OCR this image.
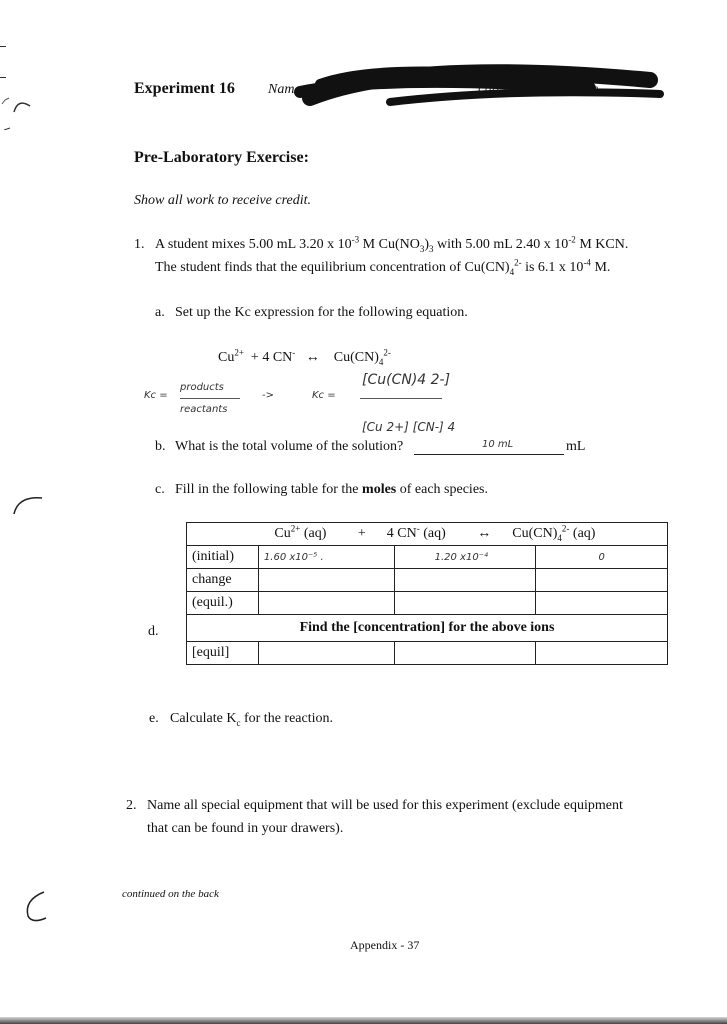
Experiment 16 Name	Lab Day	Room
Pre-Laboratory Exercise:
Show all work to receive credit.
1. A student mixes 5.00 mL 3.20 x $10^{-3}$ M $Cu(NO_3)_3$ with 5.00 mL 2.40 x $10^{-2}$ M KCN.
The student finds that the equilibrium concentration of $Cu(CN)_4^{2-}$ is 6.1 x $10^{-4}$ M.
a. Set up the Kc expression for the following equation.
$Cu^{2+} + 4$ CN- ↔ $Cu(CN)_4^{2-}$
Kc =
products
reactants
->	Kc =
[Cu(CN)4 2-]
[Cu 2+] [CN-] 4
b. What is the total volume of the solution?	10 mL	mL
c. Fill in the following table for the moles of each species.
	$Cu^{2+}$ (aq) + 4 CN- (aq) ↔ $Cu(CN)_4^{2-}$ (aq)		
(initial)	1.60 x10⁻⁵ .	1.20 x10⁻⁴	0
change			
(equil.)			
Find the [concentration] for the above ions			
[equil]			
d.
e. Calculate $K_c$ for the reaction.
2. Name all special equipment that will be used for this experiment (exclude equipment
that can be found in your drawers).
continued on the back
Appendix - 37
